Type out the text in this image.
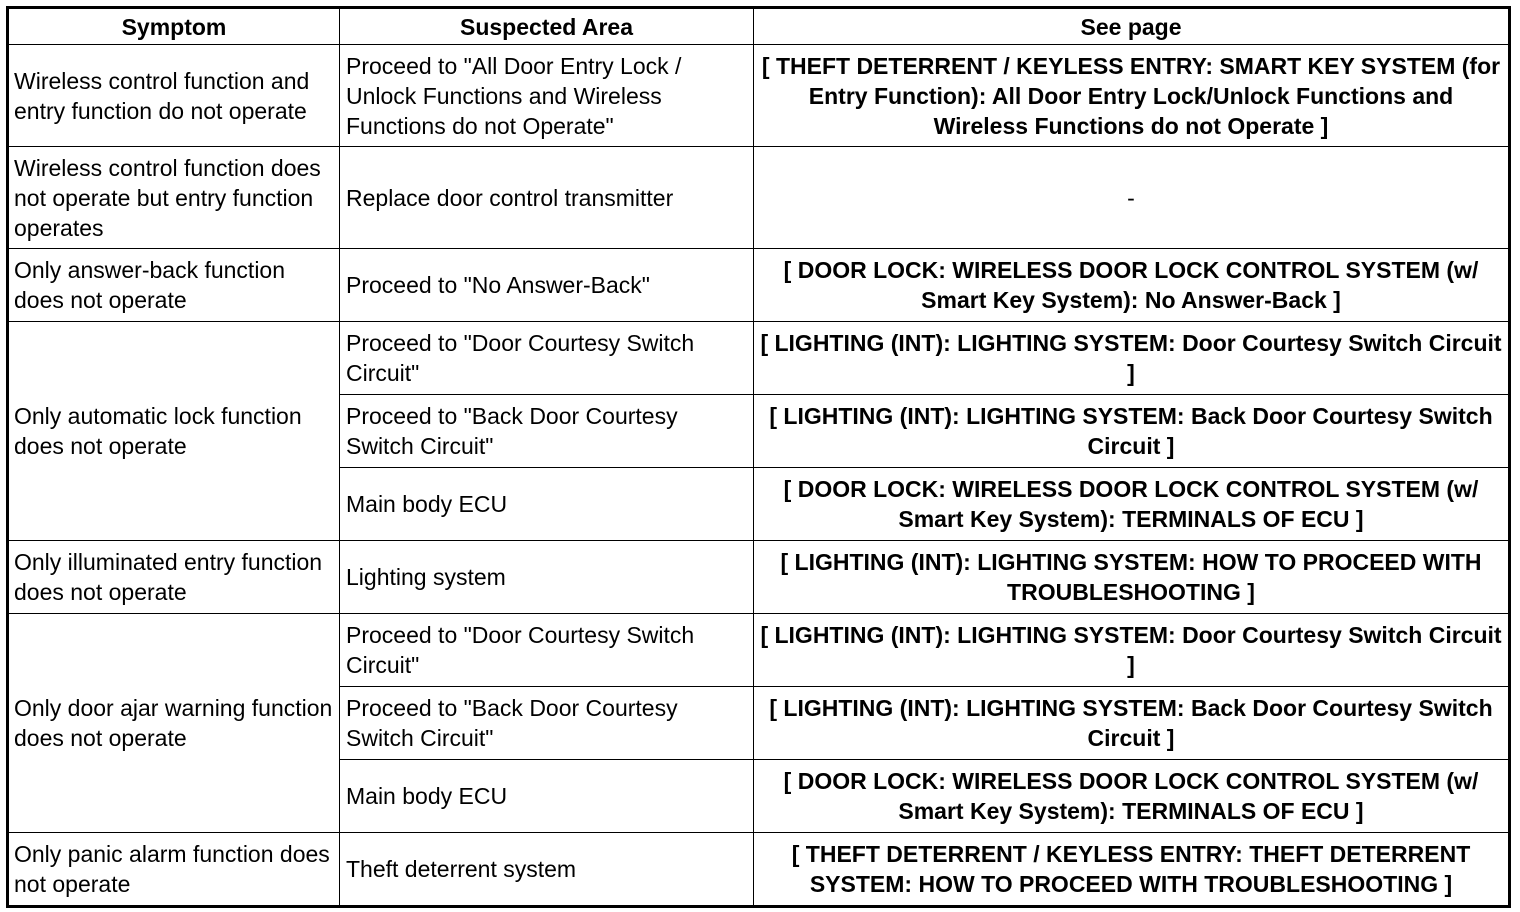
Symptom	Suspected Area	See page
Wireless control function and entry function do not operate	Proceed to "All Door Entry Lock / Unlock Functions and Wireless Functions do not Operate"	[ THEFT DETERRENT / KEYLESS ENTRY: SMART KEY SYSTEM (for Entry Function): All Door Entry Lock/Unlock Functions and Wireless Functions do not Operate ]
Wireless control function does not operate but entry function operates	Replace door control transmitter	-
Only answer-back function does not operate	Proceed to "No Answer-Back"	[ DOOR LOCK: WIRELESS DOOR LOCK CONTROL SYSTEM (w/ Smart Key System): No Answer-Back ]
Only automatic lock function does not operate	Proceed to "Door Courtesy Switch Circuit"	[ LIGHTING (INT): LIGHTING SYSTEM: Door Courtesy Switch Circuit ]
	Proceed to "Back Door Courtesy Switch Circuit"	[ LIGHTING (INT): LIGHTING SYSTEM: Back Door Courtesy Switch Circuit ]
	Main body ECU	[ DOOR LOCK: WIRELESS DOOR LOCK CONTROL SYSTEM (w/ Smart Key System): TERMINALS OF ECU ]
Only illuminated entry function does not operate	Lighting system	[ LIGHTING (INT): LIGHTING SYSTEM: HOW TO PROCEED WITH TROUBLESHOOTING ]
Only door ajar warning function does not operate	Proceed to "Door Courtesy Switch Circuit"	[ LIGHTING (INT): LIGHTING SYSTEM: Door Courtesy Switch Circuit ]
	Proceed to "Back Door Courtesy Switch Circuit"	[ LIGHTING (INT): LIGHTING SYSTEM: Back Door Courtesy Switch Circuit ]
	Main body ECU	[ DOOR LOCK: WIRELESS DOOR LOCK CONTROL SYSTEM (w/ Smart Key System): TERMINALS OF ECU ]
Only panic alarm function does not operate	Theft deterrent system	[ THEFT DETERRENT / KEYLESS ENTRY: THEFT DETERRENT SYSTEM: HOW TO PROCEED WITH TROUBLESHOOTING ]
